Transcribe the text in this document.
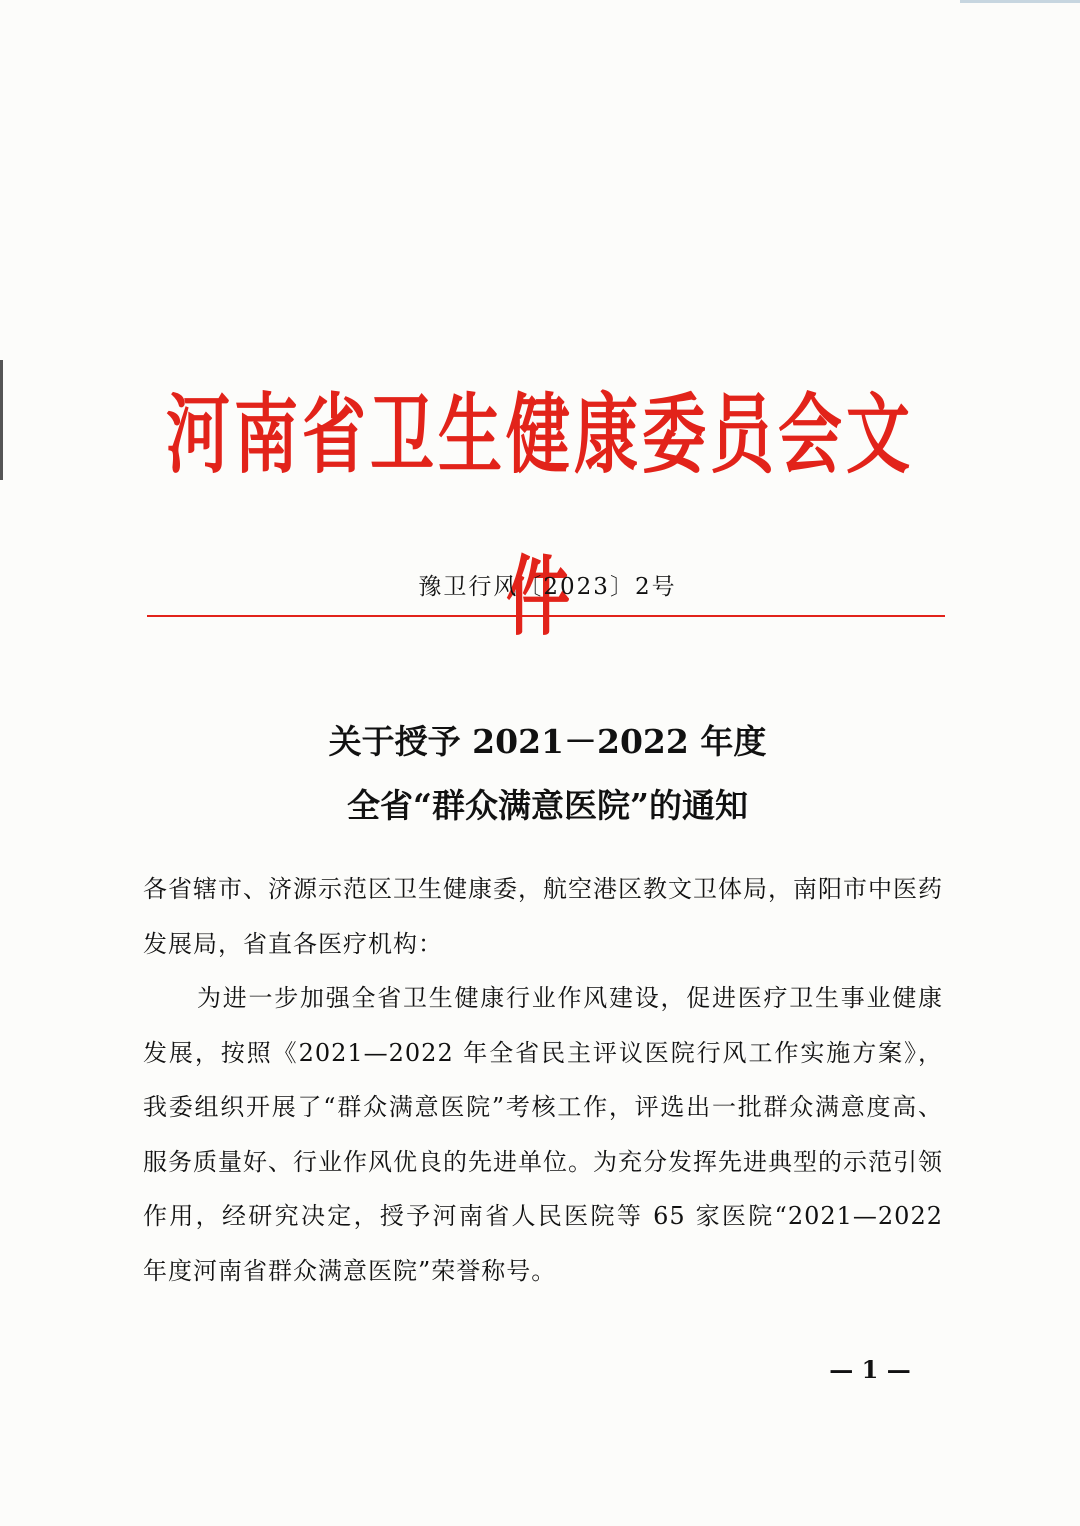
河南省卫生健康委员会文件
豫卫行风〔2023〕2号
关于授予 2021－2022 年度
全省“群众满意医院”的通知

各省辖市、济源示范区卫生健康委，航空港区教文卫体局，南阳市中医药发展局，省直各医疗机构：

为进一步加强全省卫生健康行业作风建设，促进医疗卫生事业健康发展，按照《2021—2022 年全省民主评议医院行风工作实施方案》，我委组织开展了“群众满意医院”考核工作，评选出一批群众满意度高、服务质量好、行业作风优良的先进单位。为充分发挥先进典型的示范引领作用，经研究决定，授予河南省人民医院等 65 家医院“2021—2022 年度河南省群众满意医院”荣誉称号。

— 1 —
